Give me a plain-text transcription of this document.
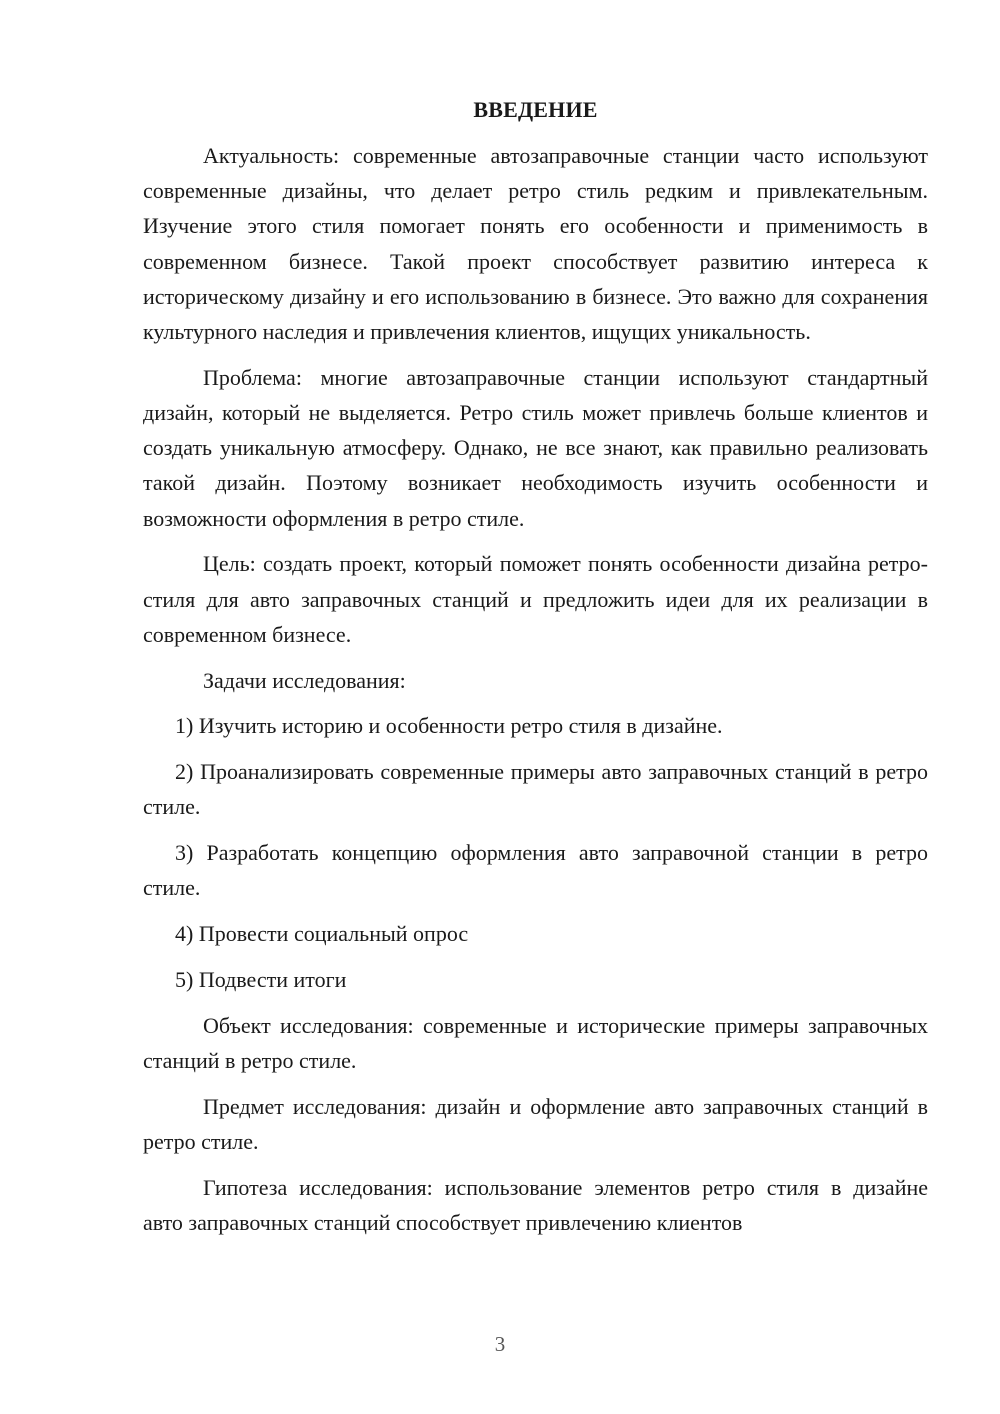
ВВЕДЕНИЕ

Актуальность: современные автозаправочные станции часто используют современные дизайны, что делает ретро стиль редким и привлекательным. Изучение этого стиля помогает понять его особенности и применимость в современном бизнесе. Такой проект способствует развитию интереса к историческому дизайну и его использованию в бизнесе. Это важно для сохранения культурного наследия и привлечения клиентов, ищущих уникальность.

Проблема: многие автозаправочные станции используют стандартный дизайн, который не выделяется. Ретро стиль может привлечь больше клиентов и создать уникальную атмосферу. Однако, не все знают, как правильно реализовать такой дизайн. Поэтому возникает необходимость изучить особенности и возможности оформления в ретро стиле.

Цель: создать проект, который поможет понять особенности дизайна ретро-стиля для авто заправочных станций и предложить идеи для их реализации в современном бизнесе.

Задачи исследования:

1) Изучить историю и особенности ретро стиля в дизайне.

2) Проанализировать современные примеры авто заправочных станций в ретро стиле.

3) Разработать концепцию оформления авто заправочной станции в ретро стиле.

4) Провести социальный опрос

5) Подвести итоги

Объект исследования: современные и исторические примеры заправочных станций в ретро стиле.

Предмет исследования: дизайн и оформление авто заправочных станций в ретро стиле.

Гипотеза исследования: использование элементов ретро стиля в дизайне авто заправочных станций способствует привлечению клиентов

3
